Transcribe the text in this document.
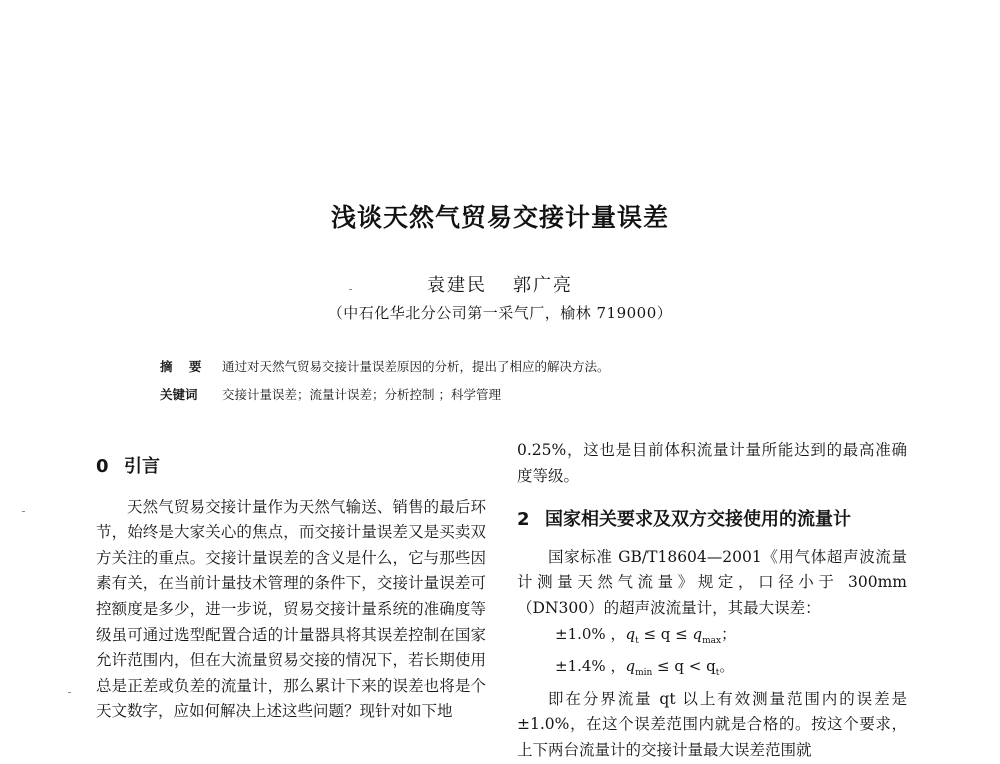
浅谈天然气贸易交接计量误差
袁建民 郭广亮
（中石化华北分公司第一采气厂，榆林 719000）
摘 要 通过对天然气贸易交接计量误差原因的分析，提出了相应的解决方法。
关键词 交接计量误差；流量计误差；分析控制 ；科学管理
0 引言

天然气贸易交接计量作为天然气输送、销售的最后环节，始终是大家关心的焦点，而交接计量误差又是买卖双方关注的重点。交接计量误差的含义是什么，它与那些因素有关，在当前计量技术管理的条件下，交接计量误差可控额度是多少，进一步说，贸易交接计量系统的准确度等级虽可通过选型配置合适的计量器具将其误差控制在国家允许范围内，但在大流量贸易交接的情况下，若长期使用总是正差或负差的流量计，那么累计下来的误差也将是个天文数字，应如何解决上述这些问题？现针对如下地

0.25%，这也是目前体积流量计量所能达到的最高准确度等级。

2 国家相关要求及双方交接使用的流量计

国家标准 GB/T18604—2001《用气体超声波流量计测量天然气流量》规定，口径小于 300mm（DN300）的超声波流量计，其最大误差：

±1.0% ，$q_t \le q \le q_{max}$；

±1.4% ，$q_{min} \le q < q_t$。

即在分界流量 qt 以上有效测量范围内的误差是 ±1.0%，在这个误差范围内就是合格的。按这个要求，上下两台流量计的交接计量最大误差范围就
